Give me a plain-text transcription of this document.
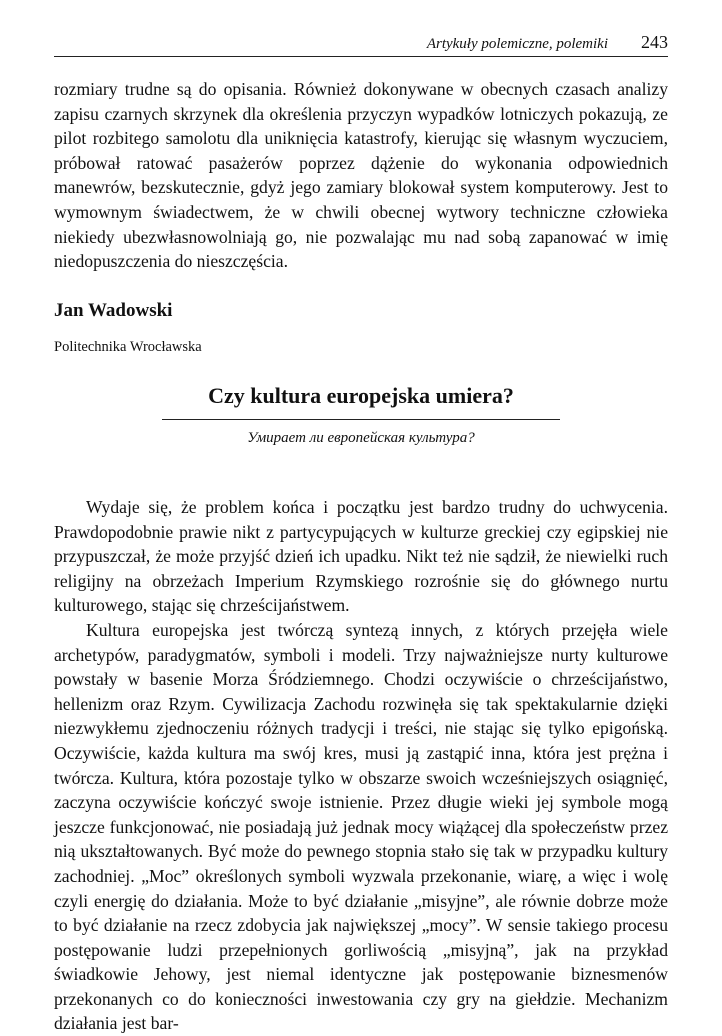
Artykuły polemiczne, polemiki 243

rozmiary trudne są do opisania. Również dokonywane w obecnych czasach analizy zapisu czarnych skrzynek dla określenia przyczyn wypadków lotniczych pokazują, ze pilot rozbitego samolotu dla uniknięcia katastrofy, kierując się własnym wyczuciem, próbował ratować pasażerów poprzez dążenie do wykonania odpowiednich manewrów, bezskutecznie, gdyż jego zamiary blokował system komputerowy. Jest to wymownym świadectwem, że w chwili obecnej wytwory techniczne człowieka niekiedy ubezwłasnowolniają go, nie pozwalając mu nad sobą zapanować w imię niedopuszczenia do nieszczęścia.

Jan Wadowski
Politechnika Wrocławska
Czy kultura europejska umiera?
Умирает ли европейская культура?

Wydaje się, że problem końca i początku jest bardzo trudny do uchwycenia. Prawdopodobnie prawie nikt z partycypujących w kulturze greckiej czy egipskiej nie przypuszczał, że może przyjść dzień ich upadku. Nikt też nie sądził, że niewielki ruch religijny na obrzeżach Imperium Rzymskiego rozrośnie się do głównego nurtu kulturowego, stając się chrześcijaństwem.

Kultura europejska jest twórczą syntezą innych, z których przejęła wiele archetypów, paradygmatów, symboli i modeli. Trzy najważniejsze nurty kulturowe powstały w basenie Morza Śródziemnego. Chodzi oczywiście o chrześcijaństwo, hellenizm oraz Rzym. Cywilizacja Zachodu rozwinęła się tak spektakularnie dzięki niezwykłemu zjednoczeniu różnych tradycji i treści, nie stając się tylko epigońską. Oczywiście, każda kultura ma swój kres, musi ją zastąpić inna, która jest prężna i twórcza. Kultura, która pozostaje tylko w obszarze swoich wcześniejszych osiągnięć, zaczyna oczywiście kończyć swoje istnienie. Przez długie wieki jej symbole mogą jeszcze funkcjonować, nie posiadają już jednak mocy wiążącej dla społeczeństw przez nią ukształtowanych. Być może do pewnego stopnia stało się tak w przypadku kultury zachodniej. „Moc” określonych symboli wyzwala przekonanie, wiarę, a więc i wolę czyli energię do działania. Może to być działanie „misyjne”, ale równie dobrze może to być działanie na rzecz zdobycia jak największej „mocy”. W sensie takiego procesu postępowanie ludzi przepełnionych gorliwością „misyjną”, jak na przykład świadkowie Jehowy, jest niemal identyczne jak postępowanie biznesmenów przekonanych co do konieczności inwestowania czy gry na giełdzie. Mechanizm działania jest bar-
